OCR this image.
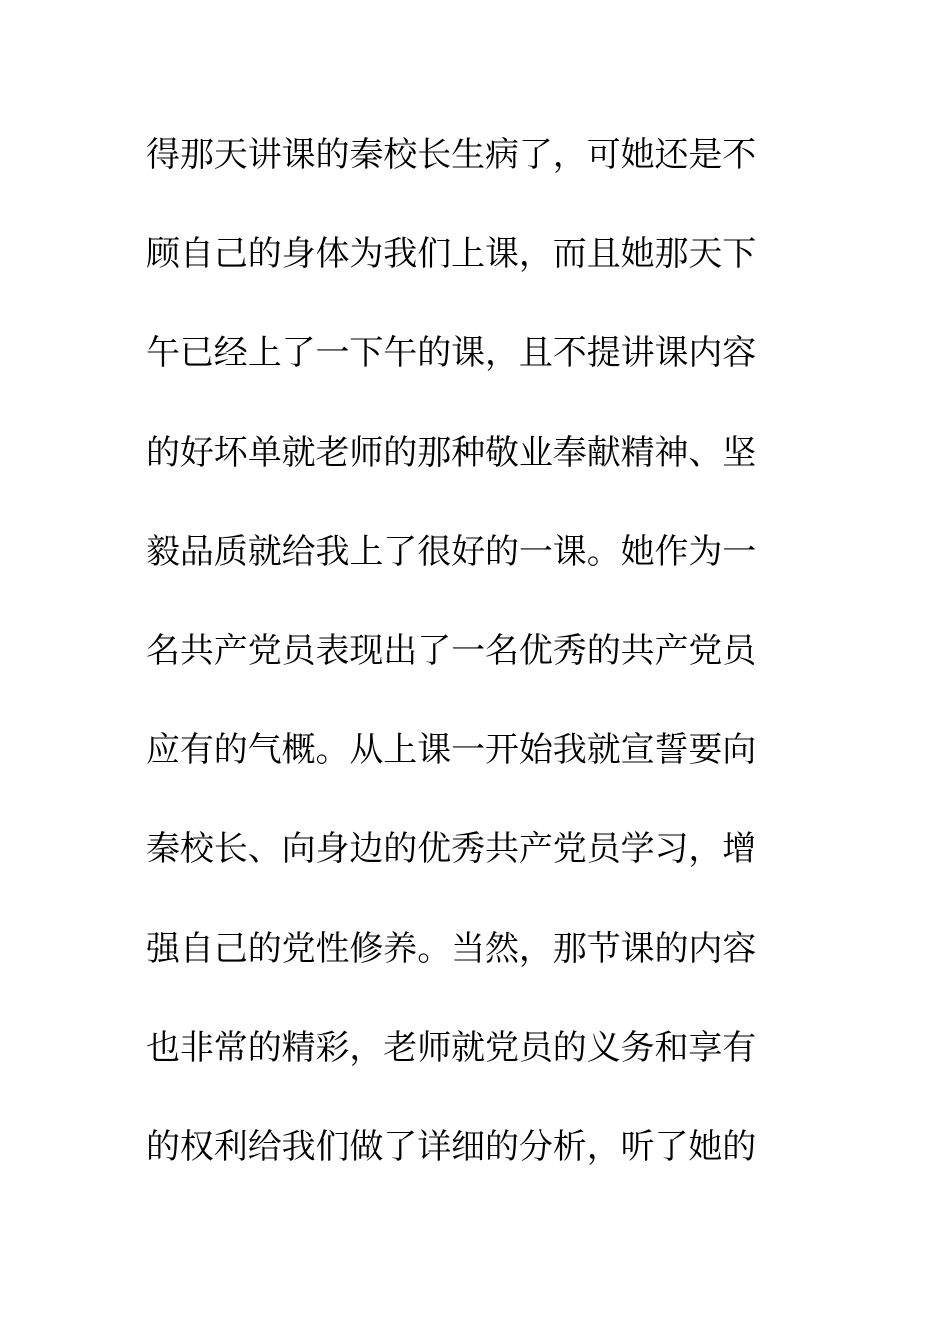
得那天讲课的秦校长生病了，可她还是不
顾自己的身体为我们上课，而且她那天下
午已经上了一下午的课，且不提讲课内容
的好坏单就老师的那种敬业奉献精神、坚
毅品质就给我上了很好的一课。她作为一
名共产党员表现出了一名优秀的共产党员
应有的气概。从上课一开始我就宣誓要向
秦校长、向身边的优秀共产党员学习，增
强自己的党性修养。当然，那节课的内容
也非常的精彩，老师就党员的义务和享有
的权利给我们做了详细的分析，听了她的
